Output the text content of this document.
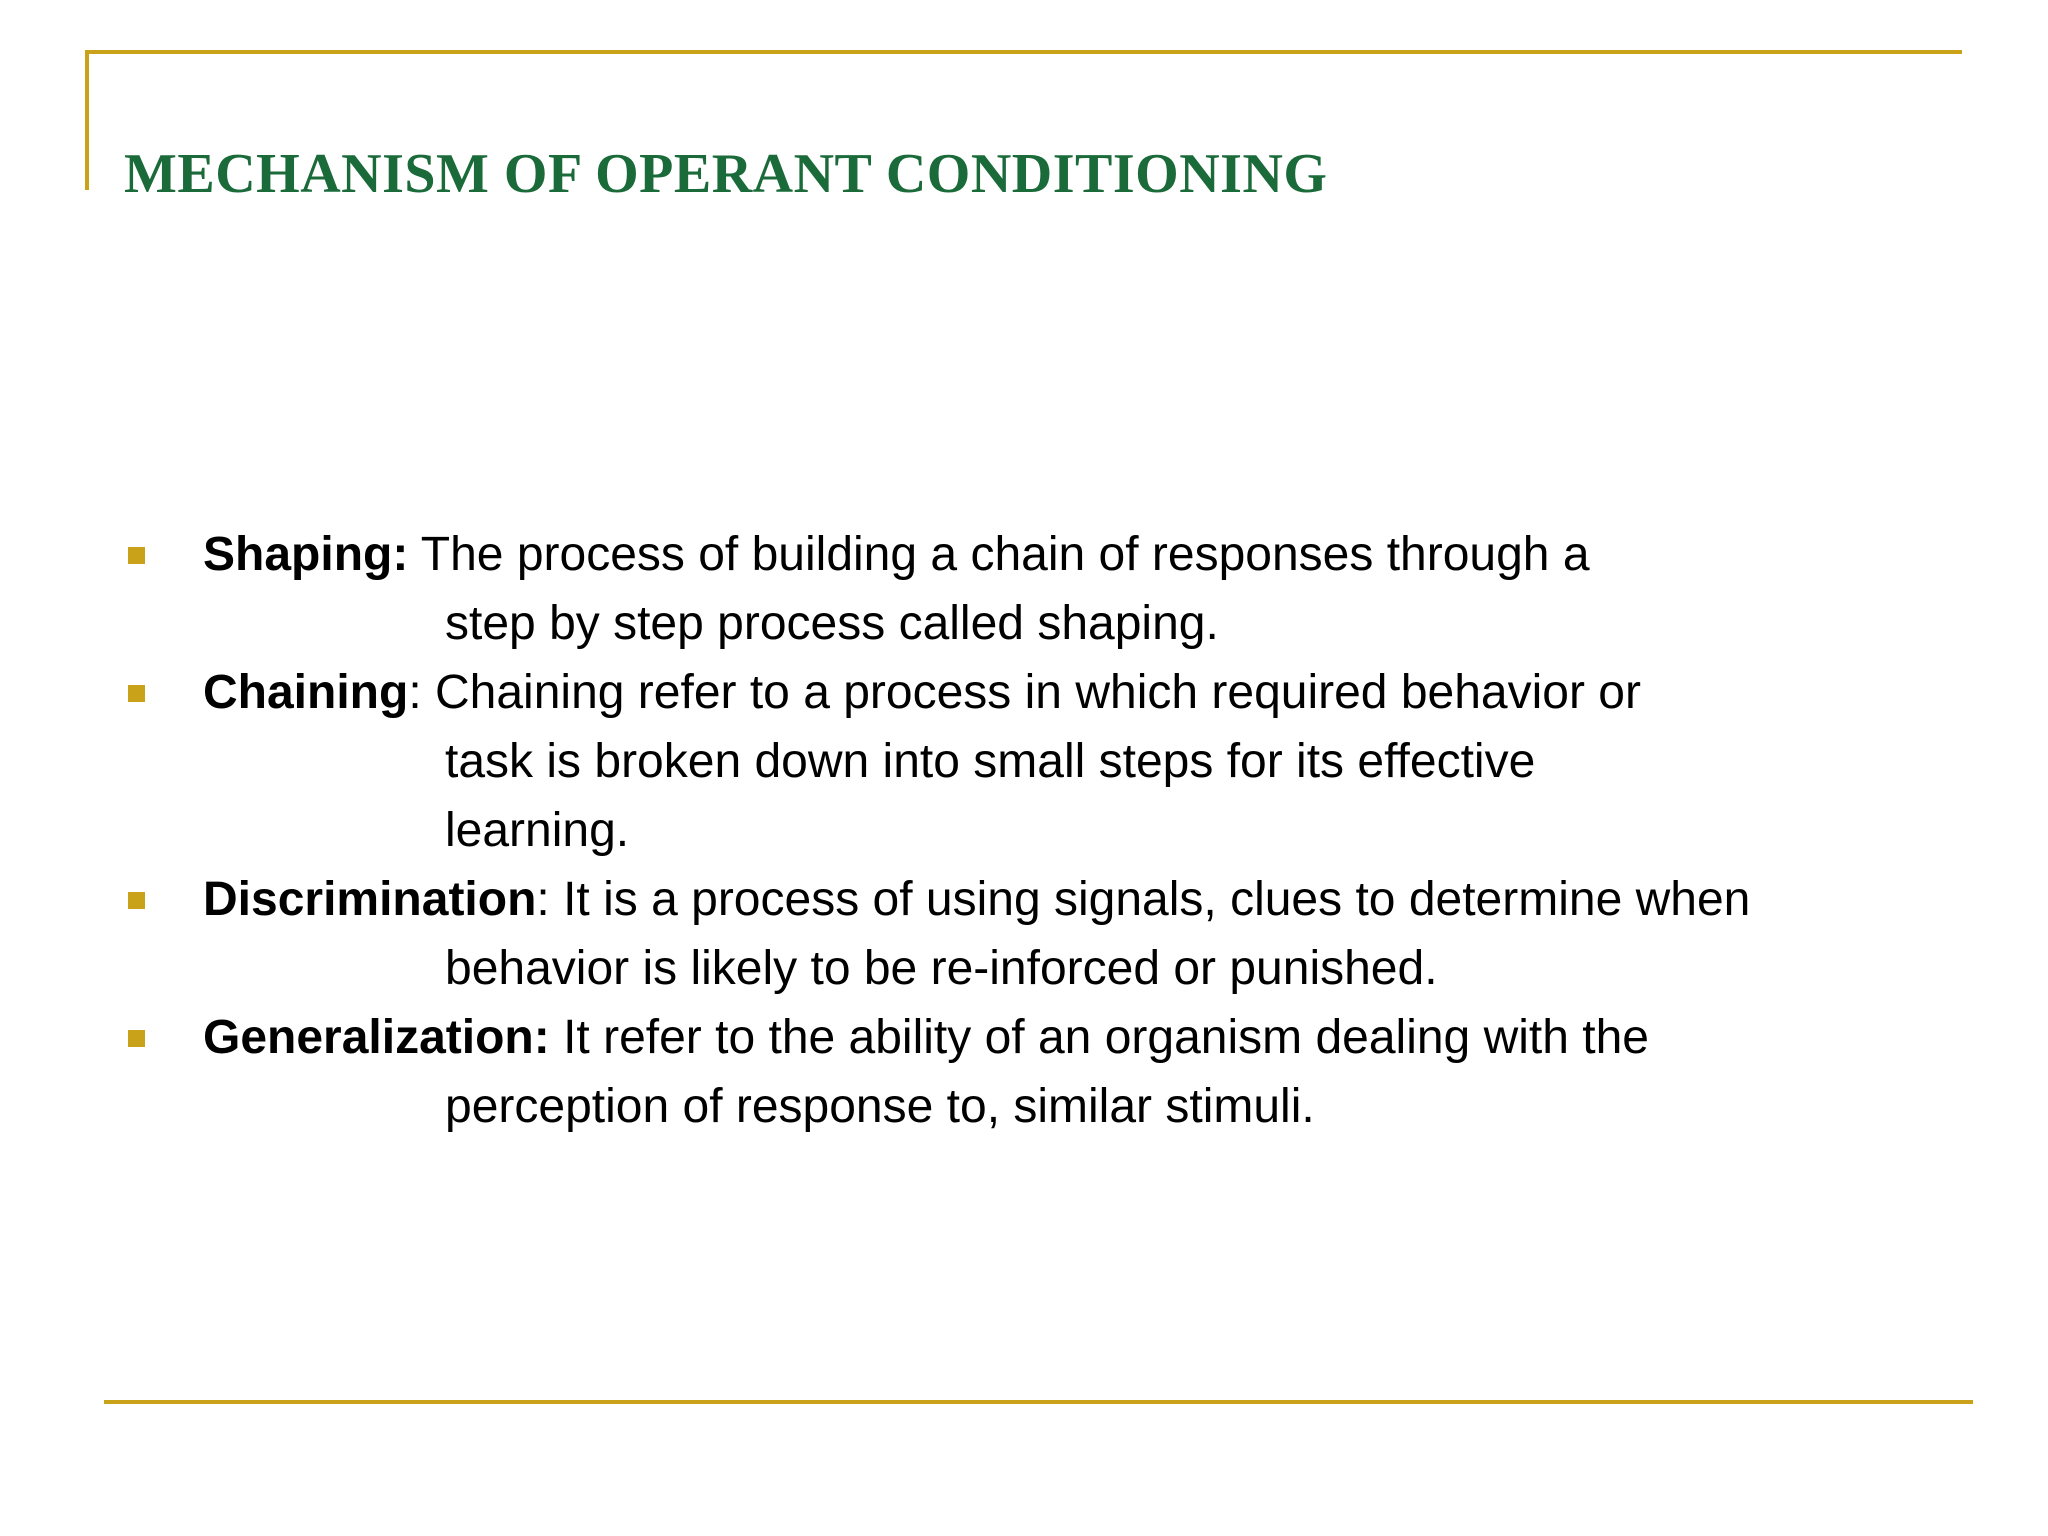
MECHANISM OF OPERANT CONDITIONING
Shaping: The process of building a chain of responses through a
step by step process called shaping.
Chaining: Chaining refer to a process in which required behavior or
task is broken down into small steps for its effective
learning.
Discrimination: It is a process of using signals, clues to determine when
behavior is likely to be re-inforced or punished.
Generalization: It refer to the ability of an organism dealing with the
perception of response to, similar stimuli.
